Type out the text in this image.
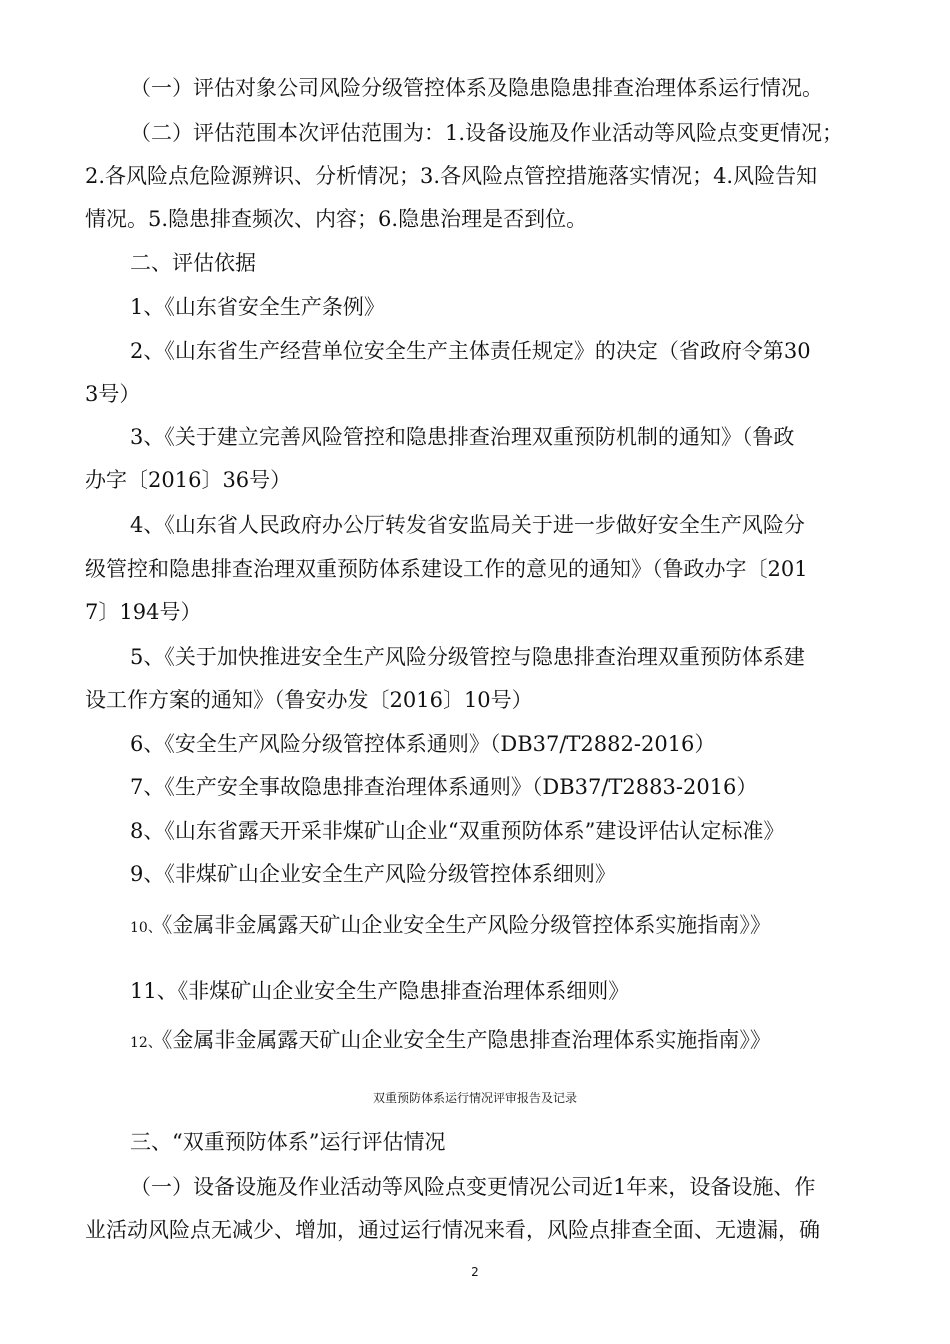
（一）评估对象公司风险分级管控体系及隐患隐患排查治理体系运行情况。
（二）评估范围本次评估范围为：1.设备设施及作业活动等风险点变更情况；
2.各风险点危险源辨识、分析情况；3.各风险点管控措施落实情况；4.风险告知
情况。5.隐患排查频次、内容；6.隐患治理是否到位。
二、评估依据
1、《山东省安全生产条例》
2、《山东省生产经营单位安全生产主体责任规定》的决定（省政府令第30
3号）
3、《关于建立完善风险管控和隐患排查治理双重预防机制的通知》（鲁政
办字〔2016〕36号）
4、《山东省人民政府办公厅转发省安监局关于进一步做好安全生产风险分
级管控和隐患排查治理双重预防体系建设工作的意见的通知》（鲁政办字〔201
7〕194号）
5、《关于加快推进安全生产风险分级管控与隐患排查治理双重预防体系建
设工作方案的通知》（鲁安办发〔2016〕10号）
6、《安全生产风险分级管控体系通则》（DB37/T2882-2016）
7、《生产安全事故隐患排查治理体系通则》（DB37/T2883-2016）
8、《山东省露天开采非煤矿山企业“双重预防体系”建设评估认定标准》
9、《非煤矿山企业安全生产风险分级管控体系细则》
10、《金属非金属露天矿山企业安全生产风险分级管控体系实施指南》》
11、《非煤矿山企业安全生产隐患排查治理体系细则》
12、《金属非金属露天矿山企业安全生产隐患排查治理体系实施指南》》
双重预防体系运行情况评审报告及记录
三、“双重预防体系”运行评估情况
（一）设备设施及作业活动等风险点变更情况公司近1年来，设备设施、作
业活动风险点无减少、增加，通过运行情况来看，风险点排查全面、无遗漏，确
2
